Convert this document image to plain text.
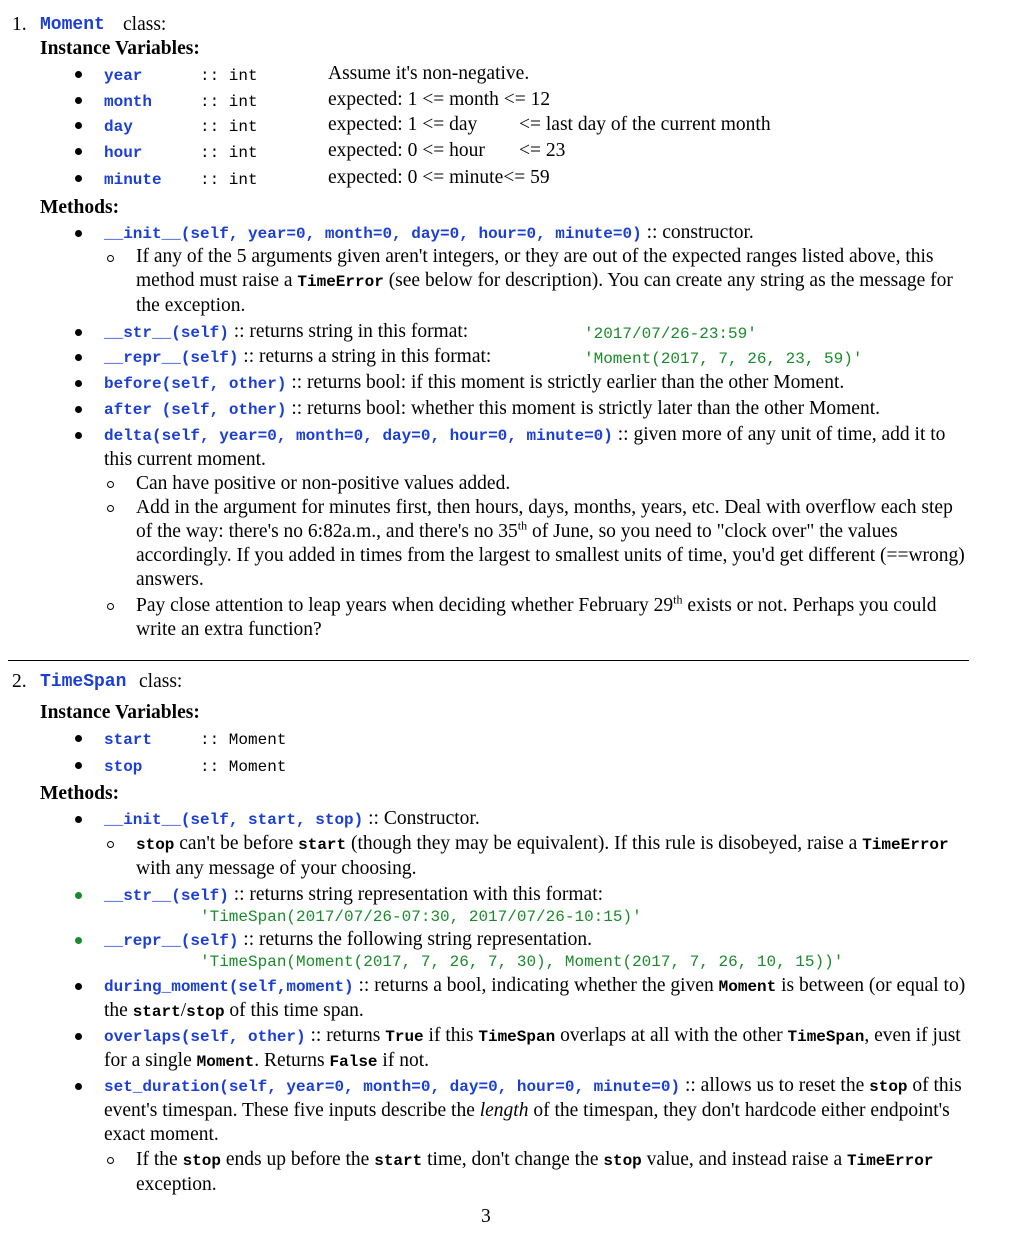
1. Moment class:
Instance Variables:
year	:: int	Assume it's non-negative.
month	:: int	expected: 1 <= month <= 12
day	:: int	expected: 1 <= day <= last day of the current month
hour	:: int	expected: 0 <= hour <= 23
minute :: int	expected: 0 <= minute<= 59
Methods:
__init__(self, year=0, month=0, day=0, hour=0, minute=0) :: constructor.
If any of the 5 arguments given aren't integers, or they are out of the expected ranges listed above, this method must raise a TimeError (see below for description). You can create any string as the message for the exception.
__str__(self) :: returns string in this format:	'2017/07/26-23:59'
__repr__(self) :: returns a string in this format:	'Moment(2017, 7, 26, 23, 59)'
before(self, other) :: returns bool: if this moment is strictly earlier than the other Moment.
after (self, other) :: returns bool: whether this moment is strictly later than the other Moment.
delta(self, year=0, month=0, day=0, hour=0, minute=0) :: given more of any unit of time, add it to this current moment.
Can have positive or non-positive values added.
Add in the argument for minutes first, then hours, days, months, years, etc. Deal with overflow each step of the way: there's no 6:82a.m., and there's no 35th of June, so you need to "clock over" the values accordingly. If you added in times from the largest to smallest units of time, you'd get different (==wrong) answers.
Pay close attention to leap years when deciding whether February 29th exists or not. Perhaps you could write an extra function?
2. TimeSpan class:
Instance Variables:
start	:: Moment
stop	:: Moment
Methods:
__init__(self, start, stop) :: Constructor.
stop can't be before start (though they may be equivalent). If this rule is disobeyed, raise a TimeError with any message of your choosing.
__str__(self) :: returns string representation with this format:
'TimeSpan(2017/07/26-07:30, 2017/07/26-10:15)'
__repr__(self) :: returns the following string representation.
'TimeSpan(Moment(2017, 7, 26, 7, 30), Moment(2017, 7, 26, 10, 15))'
during_moment(self,moment) :: returns a bool, indicating whether the given Moment is between (or equal to) the start/stop of this time span.
overlaps(self, other) :: returns True if this TimeSpan overlaps at all with the other TimeSpan, even if just for a single Moment. Returns False if not.
set_duration(self, year=0, month=0, day=0, hour=0, minute=0) :: allows us to reset the stop of this event's timespan. These five inputs describe the length of the timespan, they don't hardcode either endpoint's exact moment.
If the stop ends up before the start time, don't change the stop value, and instead raise a TimeError exception.
3
